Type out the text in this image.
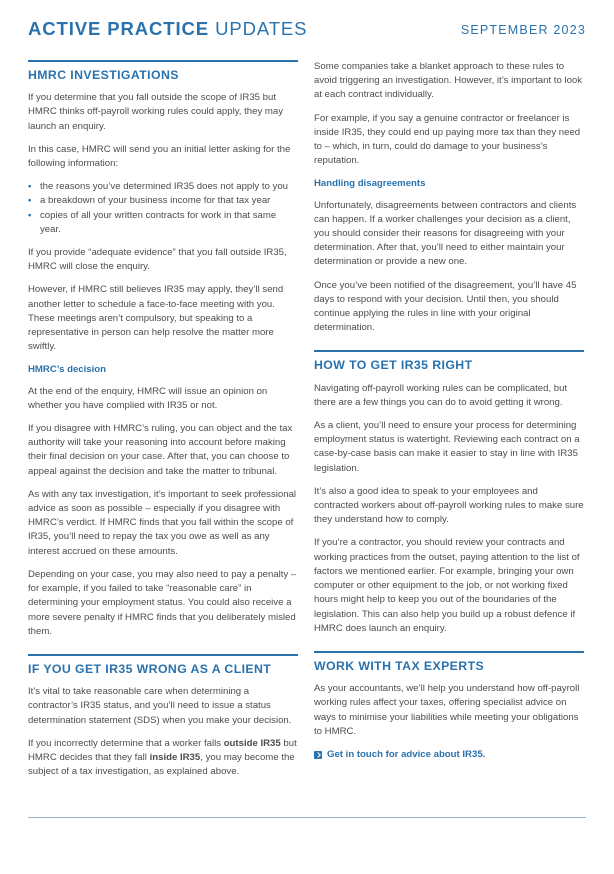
ACTIVE PRACTICE UPDATES	SEPTEMBER 2023
HMRC INVESTIGATIONS

If you determine that you fall outside the scope of IR35 but HMRC thinks off-payroll working rules could apply, they may launch an enquiry.

In this case, HMRC will send you an initial letter asking for the following information:

• the reasons you’ve determined IR35 does not apply to you
• a breakdown of your business income for that tax year
• copies of all your written contracts for work in that same year.

If you provide “adequate evidence” that you fall outside IR35, HMRC will close the enquiry.

However, if HMRC still believes IR35 may apply, they’ll send another letter to schedule a face-to-face meeting with you. These meetings aren’t compulsory, but speaking to a representative in person can help resolve the matter more swiftly.

HMRC’s decision

At the end of the enquiry, HMRC will issue an opinion on whether you have complied with IR35 or not.

If you disagree with HMRC’s ruling, you can object and the tax authority will take your reasoning into account before making their final decision on your case. After that, you can choose to appeal against the decision and take the matter to tribunal.

As with any tax investigation, it’s important to seek professional advice as soon as possible – especially if you disagree with HMRC’s verdict. If HMRC finds that you fall within the scope of IR35, you’ll need to repay the tax you owe as well as any interest accrued on these amounts.

Depending on your case, you may also need to pay a penalty – for example, if you failed to take “reasonable care” in determining your employment status. You could also receive a more severe penalty if HMRC finds that you deliberately misled them.

IF YOU GET IR35 WRONG AS A CLIENT

It’s vital to take reasonable care when determining a contractor’s IR35 status, and you’ll need to issue a status determination statement (SDS) when you make your decision.

If you incorrectly determine that a worker falls outside IR35 but HMRC decides that they fall inside IR35, you may become the subject of a tax investigation, as explained above.

Some companies take a blanket approach to these rules to avoid triggering an investigation. However, it’s important to look at each contract individually.

For example, if you say a genuine contractor or freelancer is inside IR35, they could end up paying more tax than they need to – which, in turn, could do damage to your business’s reputation.

Handling disagreements

Unfortunately, disagreements between contractors and clients can happen. If a worker challenges your decision as a client, you should consider their reasons for disagreeing with your determination. After that, you’ll need to either maintain your determination or provide a new one.

Once you’ve been notified of the disagreement, you’ll have 45 days to respond with your decision. Until then, you should continue applying the rules in line with your original determination.

HOW TO GET IR35 RIGHT

Navigating off-payroll working rules can be complicated, but there are a few things you can do to avoid getting it wrong.

As a client, you’ll need to ensure your process for determining employment status is watertight. Reviewing each contract on a case-by-case basis can make it easier to stay in line with IR35 legislation.

It’s also a good idea to speak to your employees and contracted workers about off-payroll working rules to make sure they understand how to comply.

If you’re a contractor, you should review your contracts and working practices from the outset, paying attention to the list of factors we mentioned earlier. For example, bringing your own computer or other equipment to the job, or not working fixed hours might help to keep you out of the boundaries of the legislation. This can also help you build up a robust defence if HMRC does launch an enquiry.

WORK WITH TAX EXPERTS

As your accountants, we’ll help you understand how off-payroll working rules affect your taxes, offering specialist advice on ways to minimise your liabilities while meeting your obligations to HMRC.

Get in touch for advice about IR35.
